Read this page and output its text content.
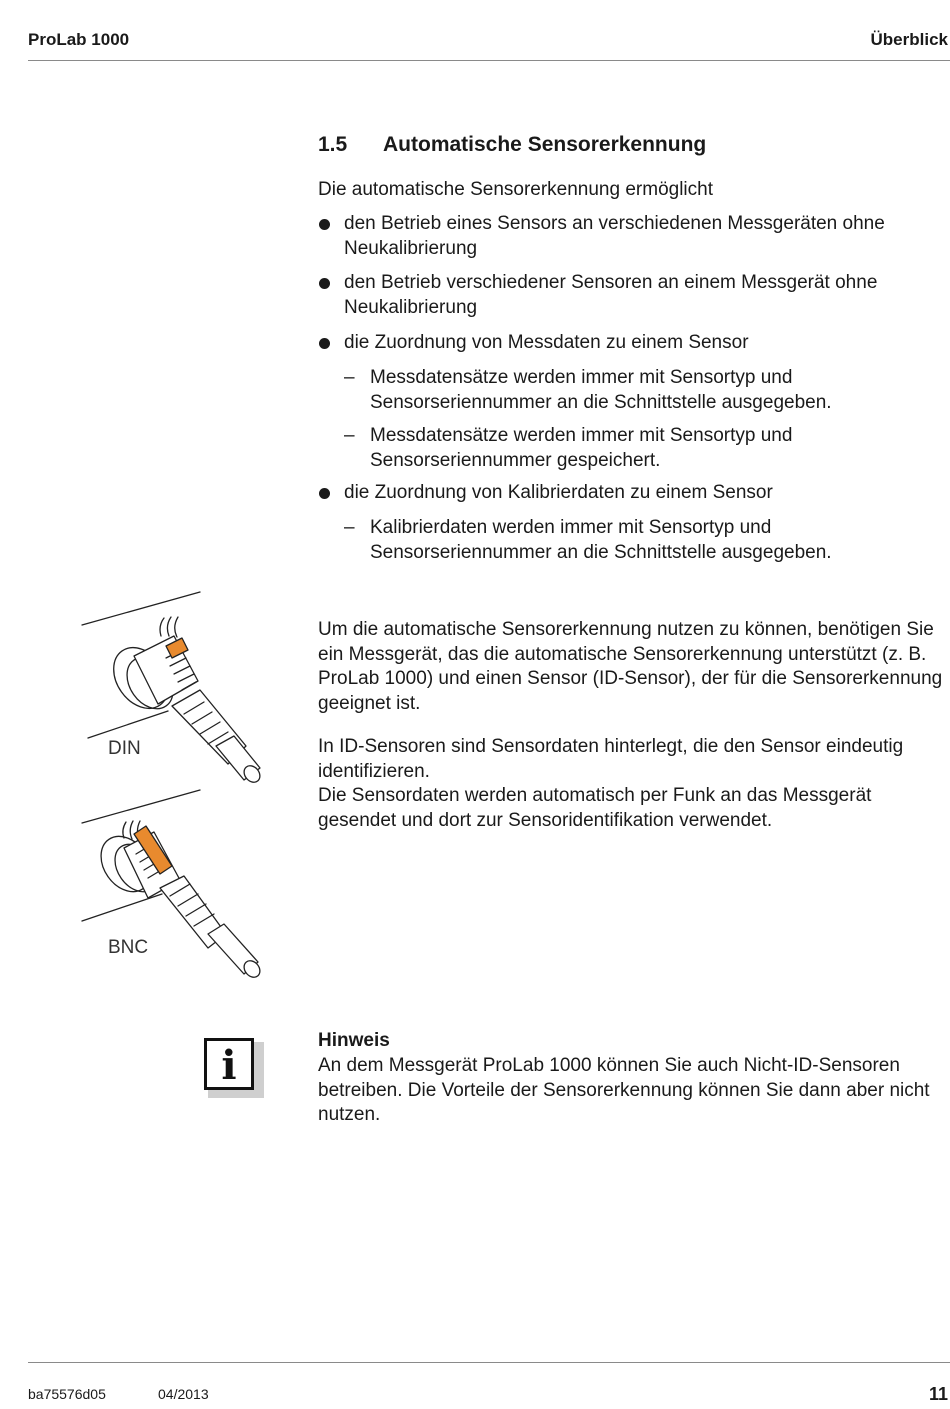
ProLab 1000	Überblick
1.5 Automatische Sensorerkennung
Die automatische Sensorerkennung ermöglicht
den Betrieb eines Sensors an verschiedenen Messgeräten ohne Neukalibrierung
den Betrieb verschiedener Sensoren an einem Messgerät ohne Neukalibrierung
die Zuordnung von Messdaten zu einem Sensor
– Messdatensätze werden immer mit Sensortyp und Sensorseriennummer an die Schnittstelle ausgegeben.
– Messdatensätze werden immer mit Sensortyp und Sensorseriennummer gespeichert.
die Zuordnung von Kalibrierdaten zu einem Sensor
– Kalibrierdaten werden immer mit Sensortyp und Sensorseriennummer an die Schnittstelle ausgegeben.
DIN
BNC
Um die automatische Sensorerkennung nutzen zu können, benötigen Sie ein Messgerät, das die automatische Sensorerkennung unterstützt (z. B. ProLab 1000) und einen Sensor (ID-Sensor), der für die Sensorerkennung geeignet ist.
In ID-Sensoren sind Sensordaten hinterlegt, die den Sensor eindeutig identifizieren.
Die Sensordaten werden automatisch per Funk an das Messgerät gesendet und dort zur Sensoridentifikation verwendet.
i
Hinweis
An dem Messgerät ProLab 1000 können Sie auch Nicht-ID-Sensoren betreiben. Die Vorteile der Sensorerkennung können Sie dann aber nicht nutzen.
ba75576d05	04/2013	11
